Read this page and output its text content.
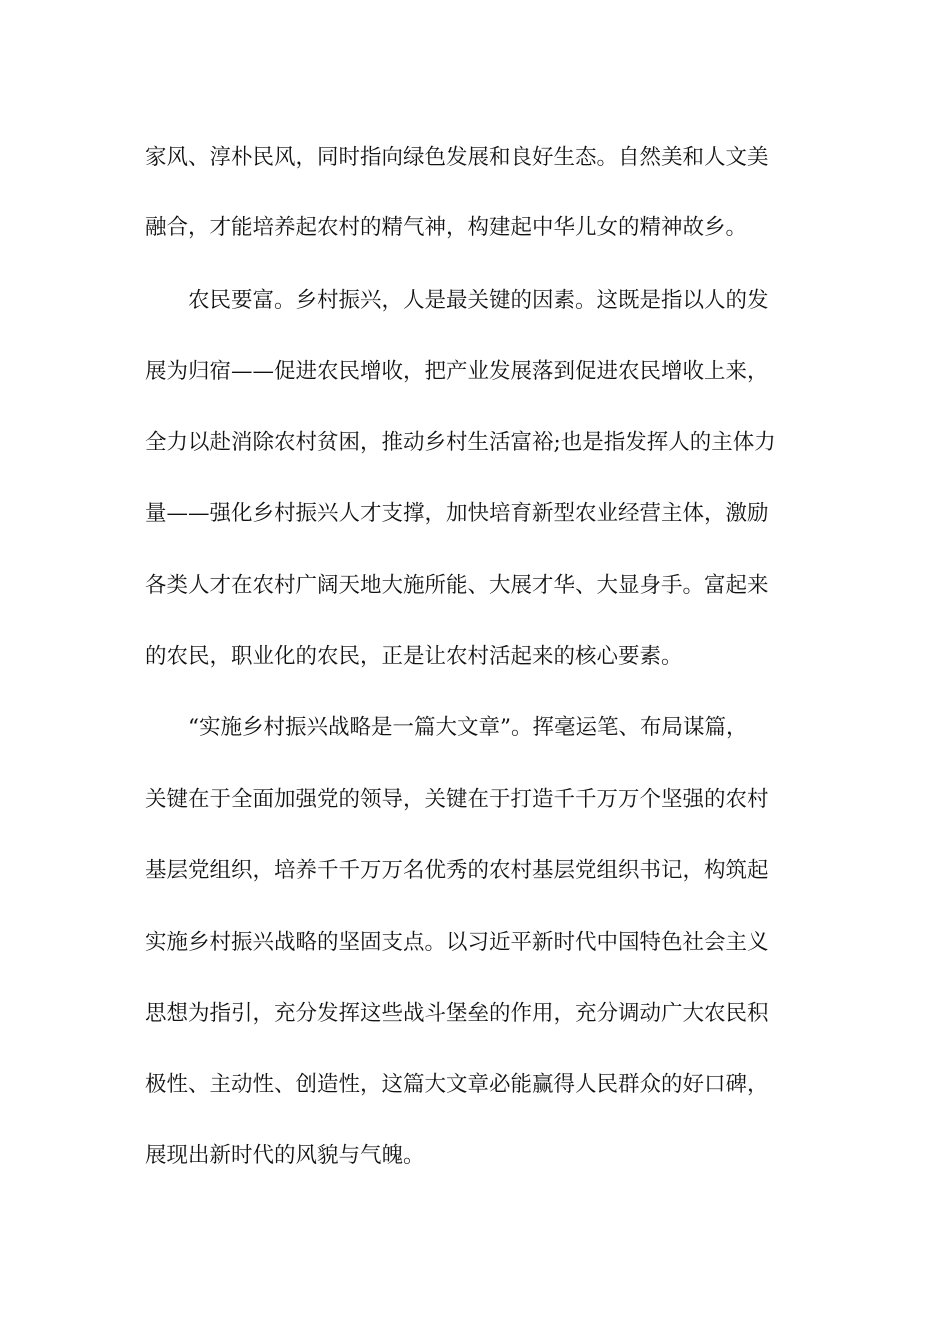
家风、淳朴民风，同时指向绿色发展和良好生态。自然美和人文美
融合，才能培养起农村的精气神，构建起中华儿女的精神故乡。
农民要富。乡村振兴，人是最关键的因素。这既是指以人的发
展为归宿——促进农民增收，把产业发展落到促进农民增收上来，
全力以赴消除农村贫困，推动乡村生活富裕;也是指发挥人的主体力
量——强化乡村振兴人才支撑，加快培育新型农业经营主体，激励
各类人才在农村广阔天地大施所能、大展才华、大显身手。富起来
的农民，职业化的农民，正是让农村活起来的核心要素。
“实施乡村振兴战略是一篇大文章”。挥毫运笔、布局谋篇，
关键在于全面加强党的领导，关键在于打造千千万万个坚强的农村
基层党组织，培养千千万万名优秀的农村基层党组织书记，构筑起
实施乡村振兴战略的坚固支点。以习近平新时代中国特色社会主义
思想为指引，充分发挥这些战斗堡垒的作用，充分调动广大农民积
极性、主动性、创造性，这篇大文章必能赢得人民群众的好口碑，
展现出新时代的风貌与气魄。
